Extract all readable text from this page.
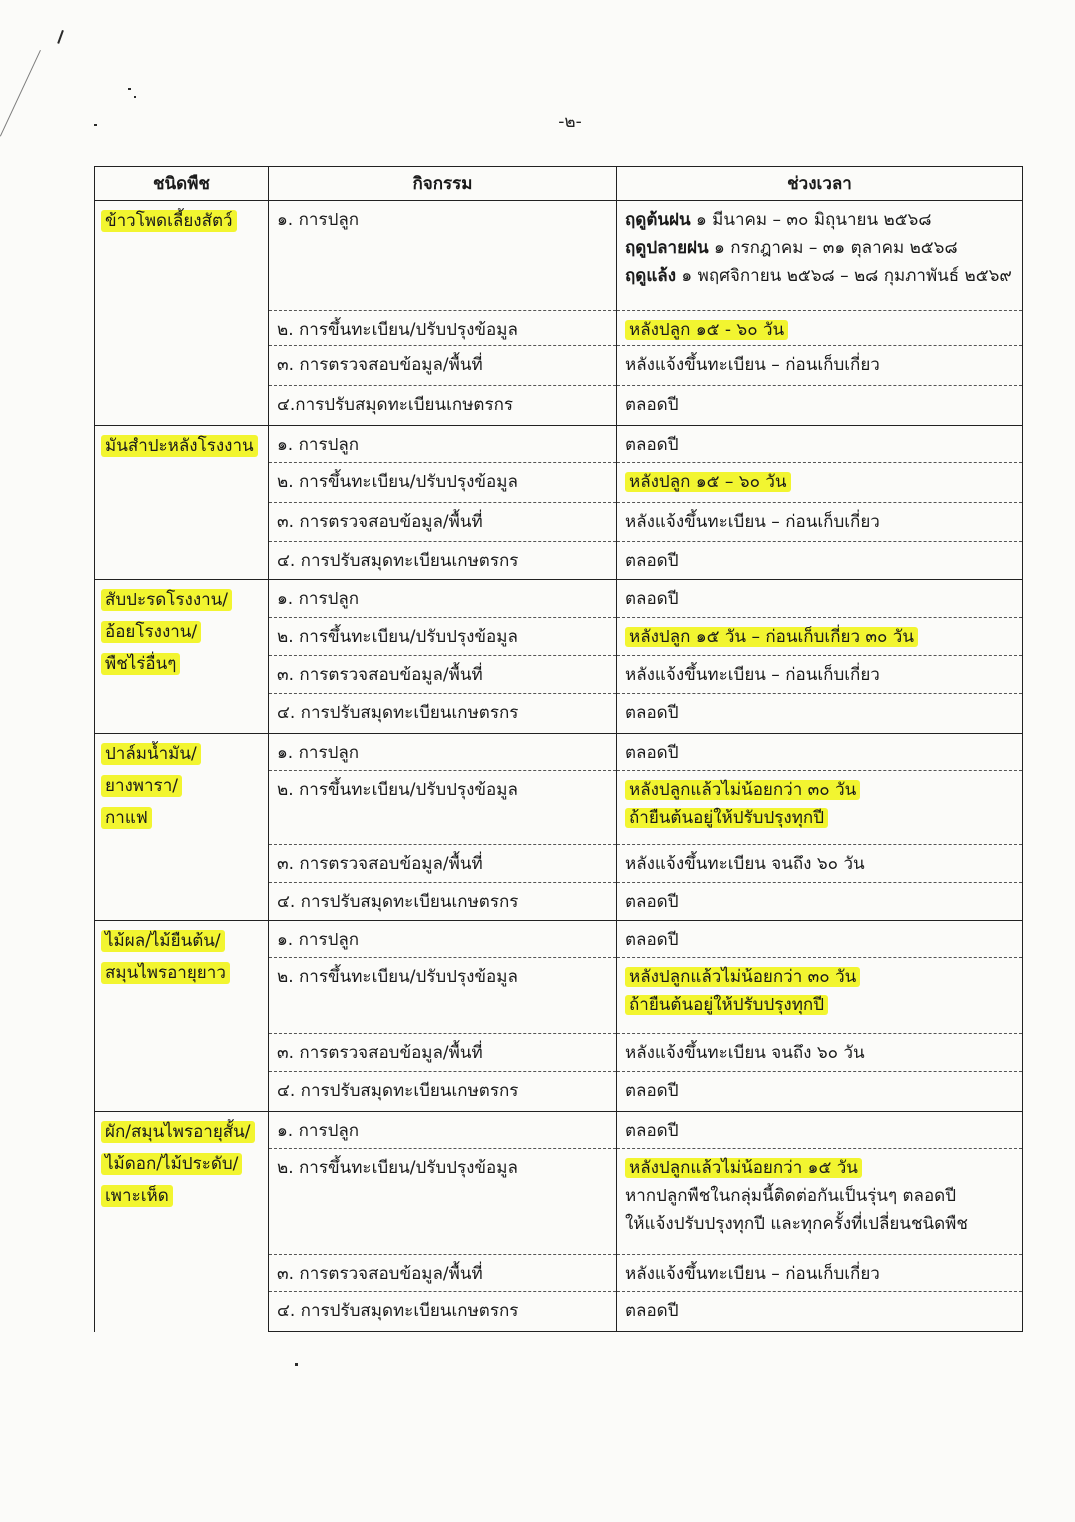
-๒-
ชนิดพืช	กิจกรรม	ช่วงเวลา

ข้าวโพดเลี้ยงสัตว์	๑. การปลูก	ฤดูต้นฝน ๑ มีนาคม – ๓๐ มิถุนายน ๒๕๖๘
ฤดูปลายฝน ๑ กรกฎาคม – ๓๑ ตุลาคม ๒๕๖๘
ฤดูแล้ง ๑ พฤศจิกายน ๒๕๖๘ – ๒๘ กุมภาพันธ์ ๒๕๖๙

	๒. การขึ้นทะเบียน/ปรับปรุงข้อมูล	หลังปลูก ๑๕ - ๖๐ วัน

	๓. การตรวจสอบข้อมูล/พื้นที่	หลังแจ้งขึ้นทะเบียน – ก่อนเก็บเกี่ยว

	๔.การปรับสมุดทะเบียนเกษตรกร	ตลอดปี

มันสำปะหลังโรงงาน	๑. การปลูก	ตลอดปี

	๒. การขึ้นทะเบียน/ปรับปรุงข้อมูล	หลังปลูก ๑๕ – ๖๐ วัน

	๓. การตรวจสอบข้อมูล/พื้นที่	หลังแจ้งขึ้นทะเบียน – ก่อนเก็บเกี่ยว

	๔. การปรับสมุดทะเบียนเกษตรกร	ตลอดปี

สับปะรดโรงงาน/
อ้อยโรงงาน/
พืชไร่อื่นๆ	๑. การปลูก	ตลอดปี

	๒. การขึ้นทะเบียน/ปรับปรุงข้อมูล	หลังปลูก ๑๕ วัน – ก่อนเก็บเกี่ยว ๓๐ วัน

	๓. การตรวจสอบข้อมูล/พื้นที่	หลังแจ้งขึ้นทะเบียน – ก่อนเก็บเกี่ยว

	๔. การปรับสมุดทะเบียนเกษตรกร	ตลอดปี

ปาล์มน้ำมัน/
ยางพารา/
กาแฟ	๑. การปลูก	ตลอดปี

	๒. การขึ้นทะเบียน/ปรับปรุงข้อมูล	หลังปลูกแล้วไม่น้อยกว่า ๓๐ วัน
ถ้ายืนต้นอยู่ให้ปรับปรุงทุกปี

	๓. การตรวจสอบข้อมูล/พื้นที่	หลังแจ้งขึ้นทะเบียน จนถึง ๖๐ วัน

	๔. การปรับสมุดทะเบียนเกษตรกร	ตลอดปี

ไม้ผล/ไม้ยืนต้น/
สมุนไพรอายุยาว	๑. การปลูก	ตลอดปี

	๒. การขึ้นทะเบียน/ปรับปรุงข้อมูล	หลังปลูกแล้วไม่น้อยกว่า ๓๐ วัน
ถ้ายืนต้นอยู่ให้ปรับปรุงทุกปี

	๓. การตรวจสอบข้อมูล/พื้นที่	หลังแจ้งขึ้นทะเบียน จนถึง ๖๐ วัน

	๔. การปรับสมุดทะเบียนเกษตรกร	ตลอดปี

ผัก/สมุนไพรอายุสั้น/
ไม้ดอก/ไม้ประดับ/
เพาะเห็ด	๑. การปลูก	ตลอดปี

	๒. การขึ้นทะเบียน/ปรับปรุงข้อมูล	หลังปลูกแล้วไม่น้อยกว่า ๑๕ วัน
หากปลูกพืชในกลุ่มนี้ติดต่อกันเป็นรุ่นๆ ตลอดปี
ให้แจ้งปรับปรุงทุกปี และทุกครั้งที่เปลี่ยนชนิดพืช

	๓. การตรวจสอบข้อมูล/พื้นที่	หลังแจ้งขึ้นทะเบียน – ก่อนเก็บเกี่ยว

	๔. การปรับสมุดทะเบียนเกษตรกร	ตลอดปี
